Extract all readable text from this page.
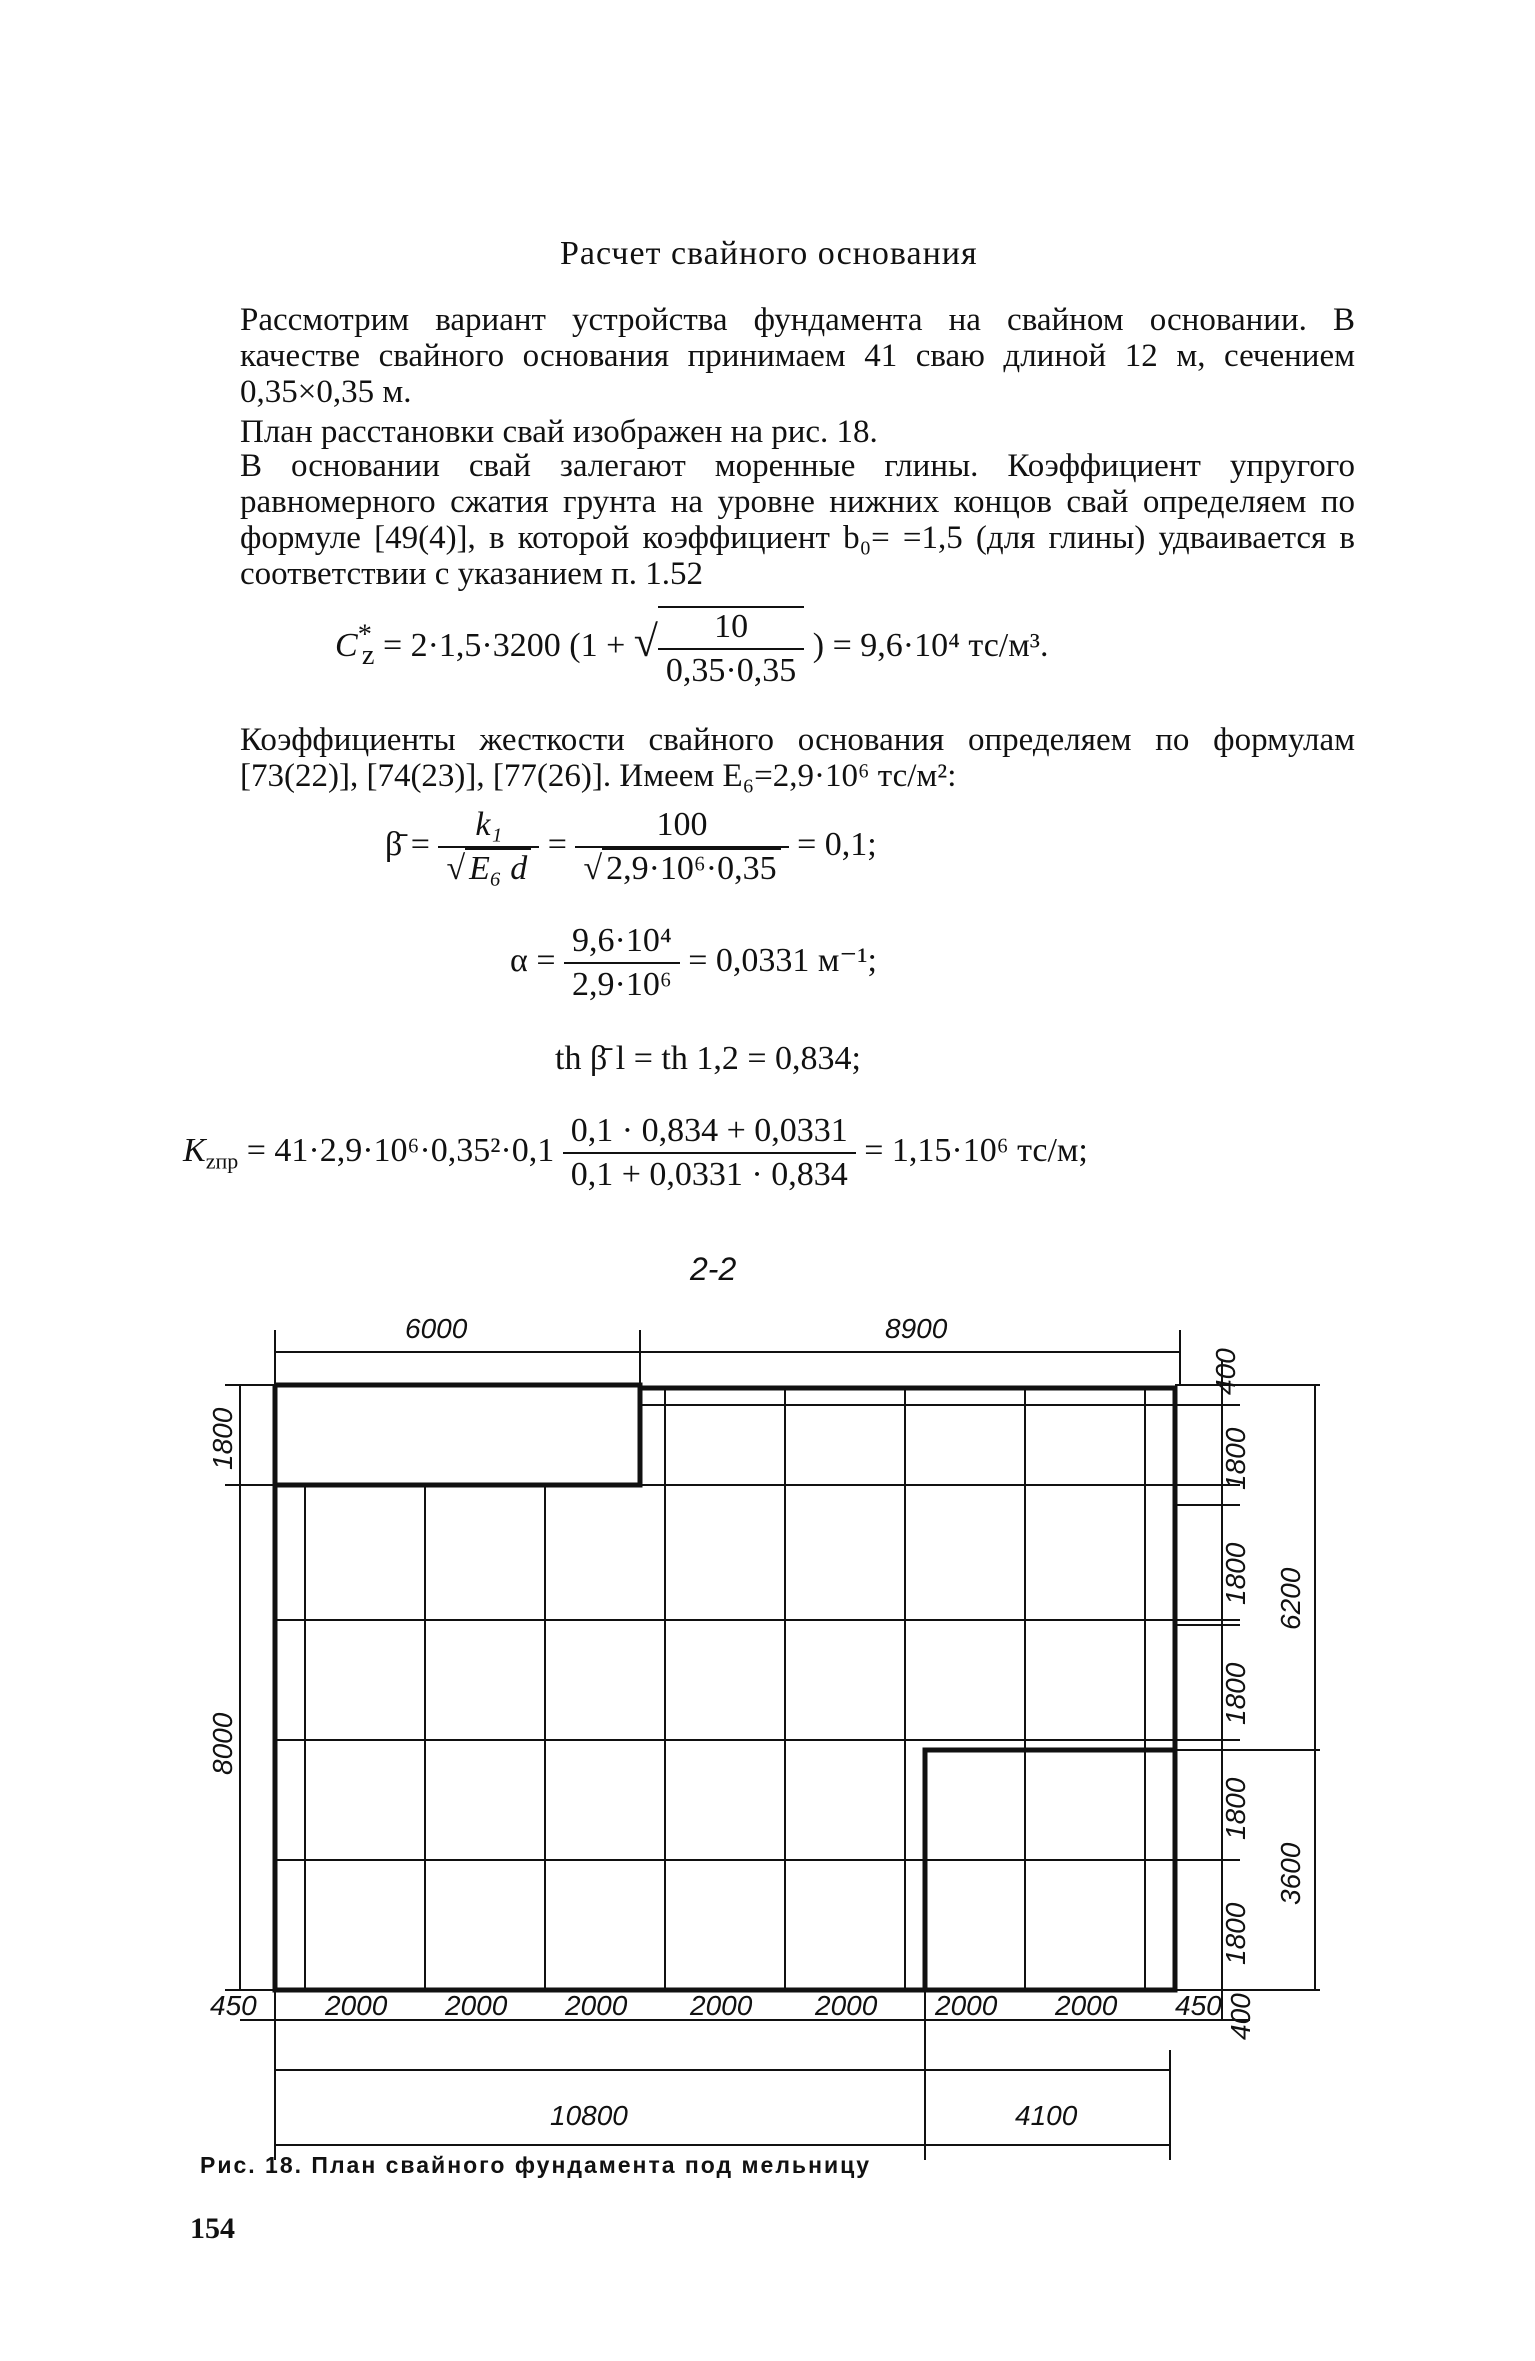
Расчет свайного основания
Рассмотрим вариант устройства фундамента на свайном основании. В качестве свайного основания принимаем 41 сваю длиной 12 м, сечением 0,35×0,35 м.
План расстановки свай изображен на рис. 18.
В основании свай залегают моренные глины. Коэффициент упругого равномерного сжатия грунта на уровне нижних концов свай определяем по формуле [49(4)], в которой коэффициент b₀= =1,5 (для глины) удваивается в соответствии с указанием п. 1.52
$C^*_z = 2\cdot 1,5\cdot 3200$ (1 + √ $\frac{10}{0,35\cdot 0,35}$ ) = 9,6·10⁴ тс/м³.
Коэффициенты жесткости свайного основания определяем по формулам [73(22)], [74(23)], [77(26)]. Имеем E₆=2,9·10⁶ тс/м²:
β̄ = $\frac{\text{k₁}}{\text{√ E₆ d}} = \frac{100}{\text{√ 2,9·10⁶·0,35}} = 0,1$;
$\alpha = \frac{\text{9,6·10⁴}}{\text{2,9·10⁶}} = 0,0331$ м⁻¹;
th β̄ l = th 1,2 = 0,834;
$K_{zпр} = 41\cdot 2,9\cdot 10^6\cdot 0,35^2\cdot 0,1 \frac{0,1 \cdot 0,834 + 0,0331}{0,1 + 0,0331 \cdot 0,834} = 1,15\cdot 10^6$ тс/м;
2-2
6000	8900
400
1800
8000
1800
1800
1800
1800
1800
6200
3600
450 2000 2000 2000 2000 2000 2000 2000 450 400
10800	4100
Рис. 18. План свайного фундамента под мельницу
154
